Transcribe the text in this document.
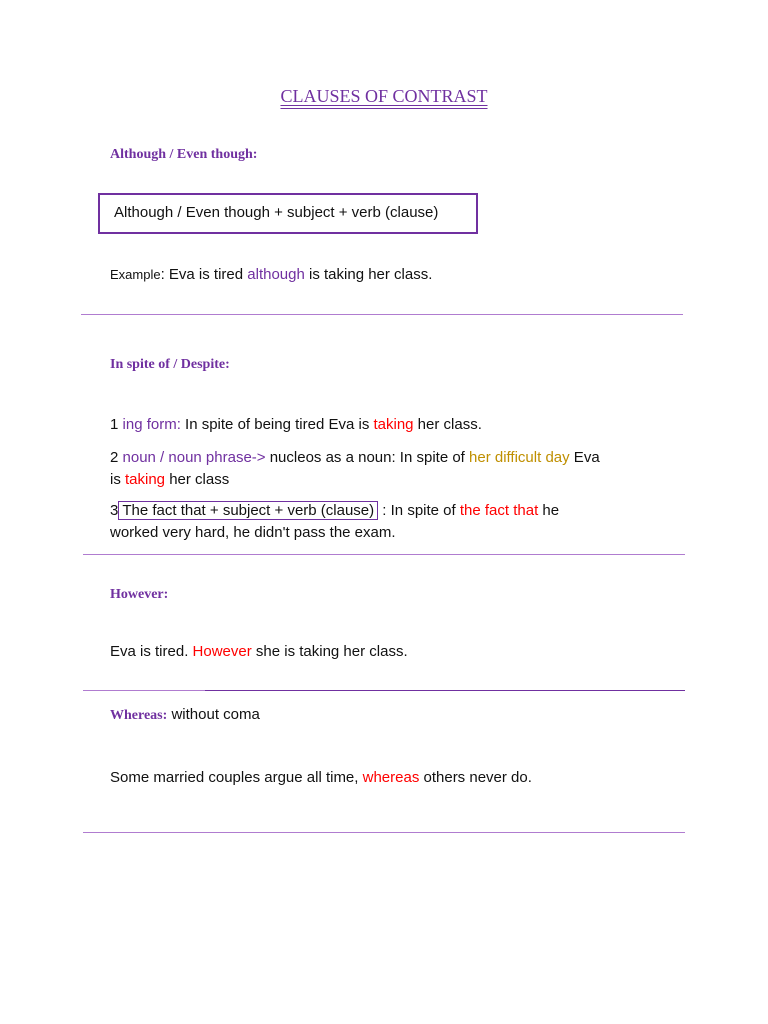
CLAUSES OF CONTRAST
Although / Even though:
Although / Even though + subject + verb (clause)
Example: Eva is tired although is taking her class.
In spite of / Despite:
1 ing form: In spite of being tired Eva is taking her class.
2 noun / noun phrase-> nucleos as a noun: In spite of her difficult day Eva
is taking her class
3 The fact that + subject + verb (clause) : In spite of the fact that he
worked very hard, he didn't pass the exam.
However:
Eva is tired. However she is taking her class.
Whereas: without coma
Some married couples argue all time, whereas others never do.
